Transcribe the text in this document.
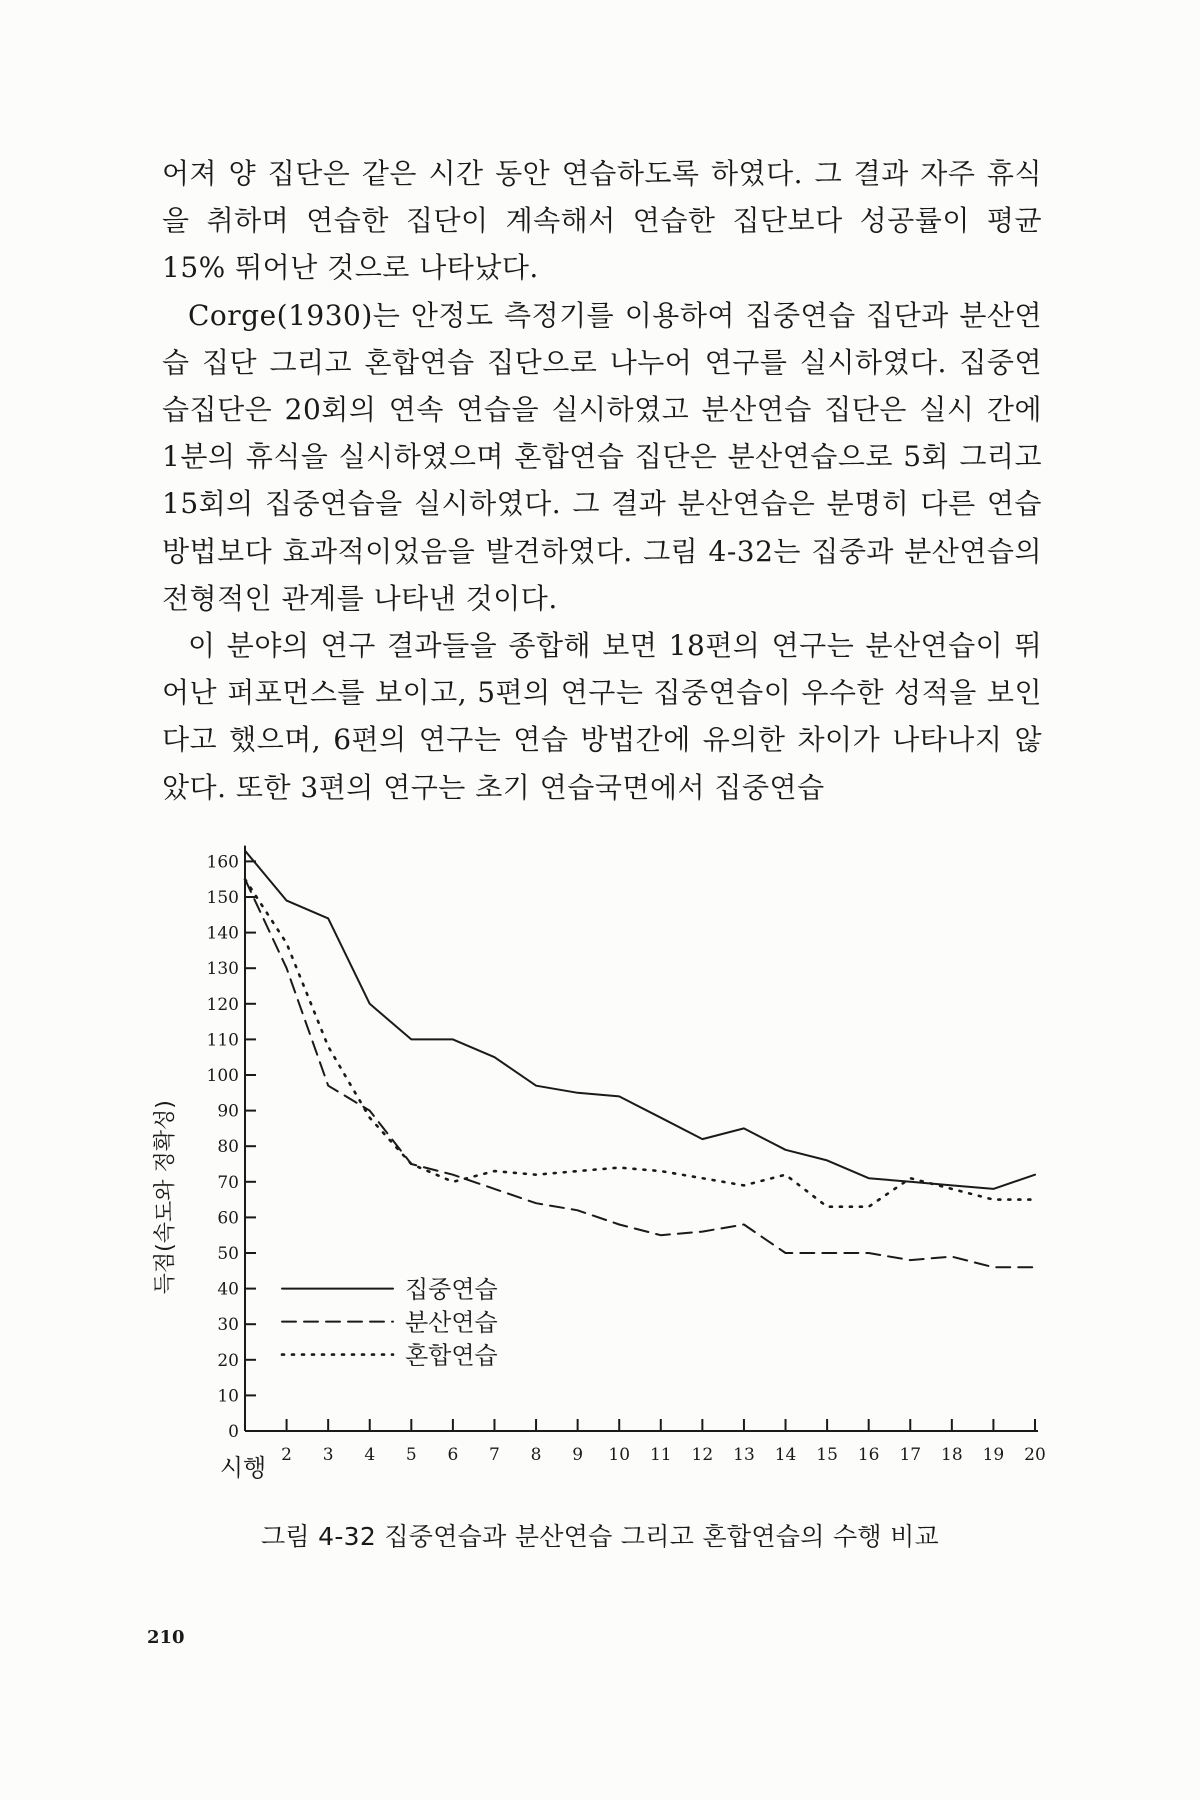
어져 양 집단은 같은 시간 동안 연습하도록 하였다. 그 결과 자주 휴식을 취하며 연습한 집단이 계속해서 연습한 집단보다 성공률이 평균 15% 뛰어난 것으로 나타났다.

Corge(1930)는 안정도 측정기를 이용하여 집중연습 집단과 분산연습 집단 그리고 혼합연습 집단으로 나누어 연구를 실시하였다. 집중연습집단은 20회의 연속 연습을 실시하였고 분산연습 집단은 실시 간에 1분의 휴식을 실시하였으며 혼합연습 집단은 분산연습으로 5회 그리고 15회의 집중연습을 실시하였다. 그 결과 분산연습은 분명히 다른 연습방법보다 효과적이었음을 발견하였다. 그림 4-32는 집중과 분산연습의 전형적인 관계를 나타낸 것이다.

이 분야의 연구 결과들을 종합해 보면 18편의 연구는 분산연습이 뛰어난 퍼포먼스를 보이고, 5편의 연구는 집중연습이 우수한 성적을 보인다고 했으며, 6편의 연구는 연습 방법간에 유의한 차이가 나타나지 않았다. 또한 3편의 연구는 초기 연습국면에서 집중연습

0
10
20
30
40
50
60
70
80
90
100
110
120
130
140
150
160
2 3 4 5 6 7 8 9 10 11 12 13 14 15 16 17 18 19 20
집중연습
분산연습
혼합연습
시행
득점(속도와 정확성)
그림 4-32 집중연습과 분산연습 그리고 혼합연습의 수행 비교
210
